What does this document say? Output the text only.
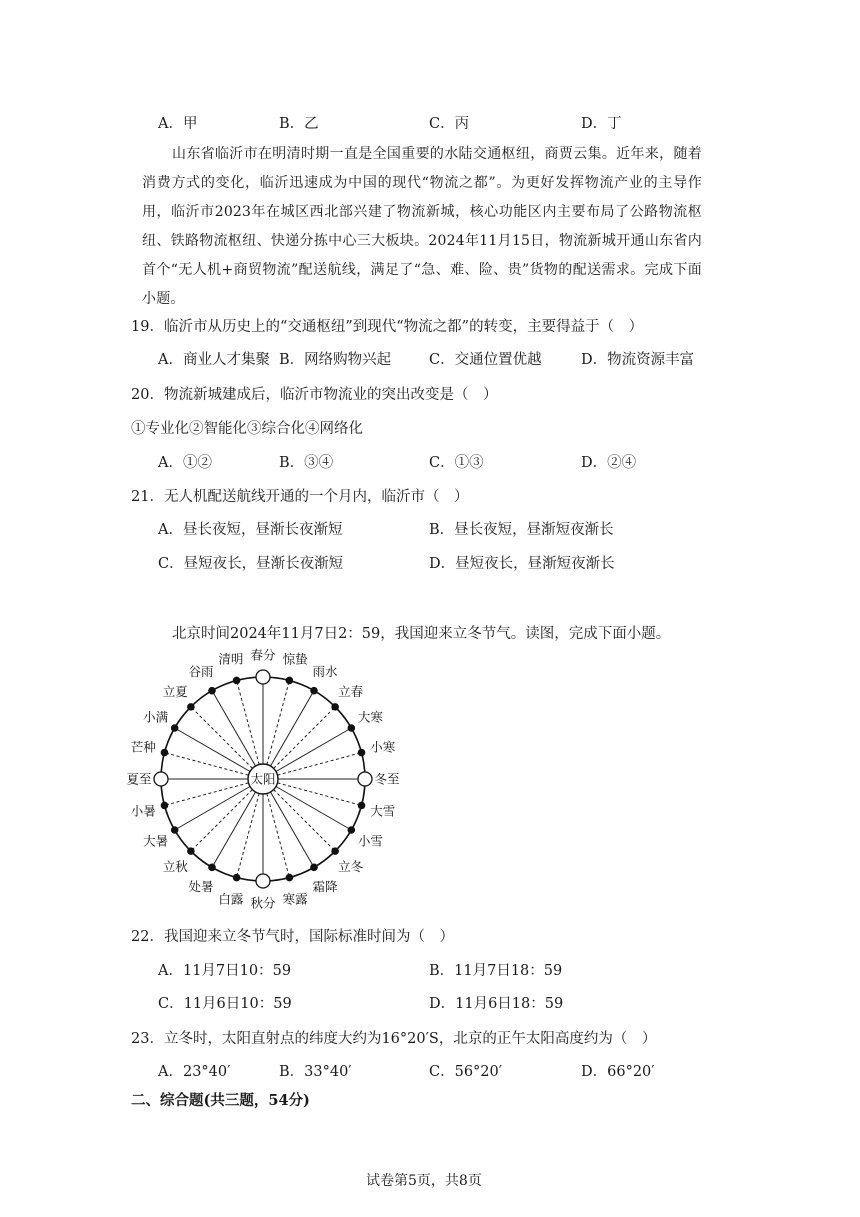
A．甲	B．乙	C．丙	D．丁
山东省临沂市在明清时期一直是全国重要的水陆交通枢纽，商贾云集。近年来，随着消费方式的变化，临沂迅速成为中国的现代“物流之都”。为更好发挥物流产业的主导作用，临沂市2023年在城区西北部兴建了物流新城，核心功能区内主要布局了公路物流枢纽、铁路物流枢纽、快递分拣中心三大板块。2024年11月15日，物流新城开通山东省内首个“无人机+商贸物流”配送航线，满足了“急、难、险、贵”货物的配送需求。完成下面小题。
19．临沂市从历史上的“交通枢纽”到现代“物流之都”的转变，主要得益于（　）
A．商业人才集聚 B．网络购物兴起	C．交通位置优越	D．物流资源丰富
20．物流新城建成后，临沂市物流业的突出改变是（　）
①专业化②智能化③综合化④网络化
A．①②	B．③④	C．①③	D．②④
21．无人机配送航线开通的一个月内，临沂市（　）
A．昼长夜短，昼渐长夜渐短	B．昼长夜短，昼渐短夜渐长
C．昼短夜长，昼渐长夜渐短	D．昼短夜长，昼渐短夜渐长
北京时间2024年11月7日2：59，我国迎来立冬节气。读图，完成下面小题。
太阳	冬至
大雪
小雪
立冬
霜降
寒露
秋分
白露
处暑
立秋
大暑
小暑
夏至
芒种
小满
立夏
谷雨
清明 春分 惊蛰
雨水
立春
大寒
小寒
22．我国迎来立冬节气时，国际标准时间为（　）
A．11月7日10：59	B．11月7日18：59
C．11月6日10：59	D．11月6日18：59
23．立冬时，太阳直射点的纬度大约为16°20′S，北京的正午太阳高度约为（　）
A．23°40′	B．33°40′	C．56°20′	D．66°20′
二、综合题(共三题，54分)
试卷第5页，共8页
